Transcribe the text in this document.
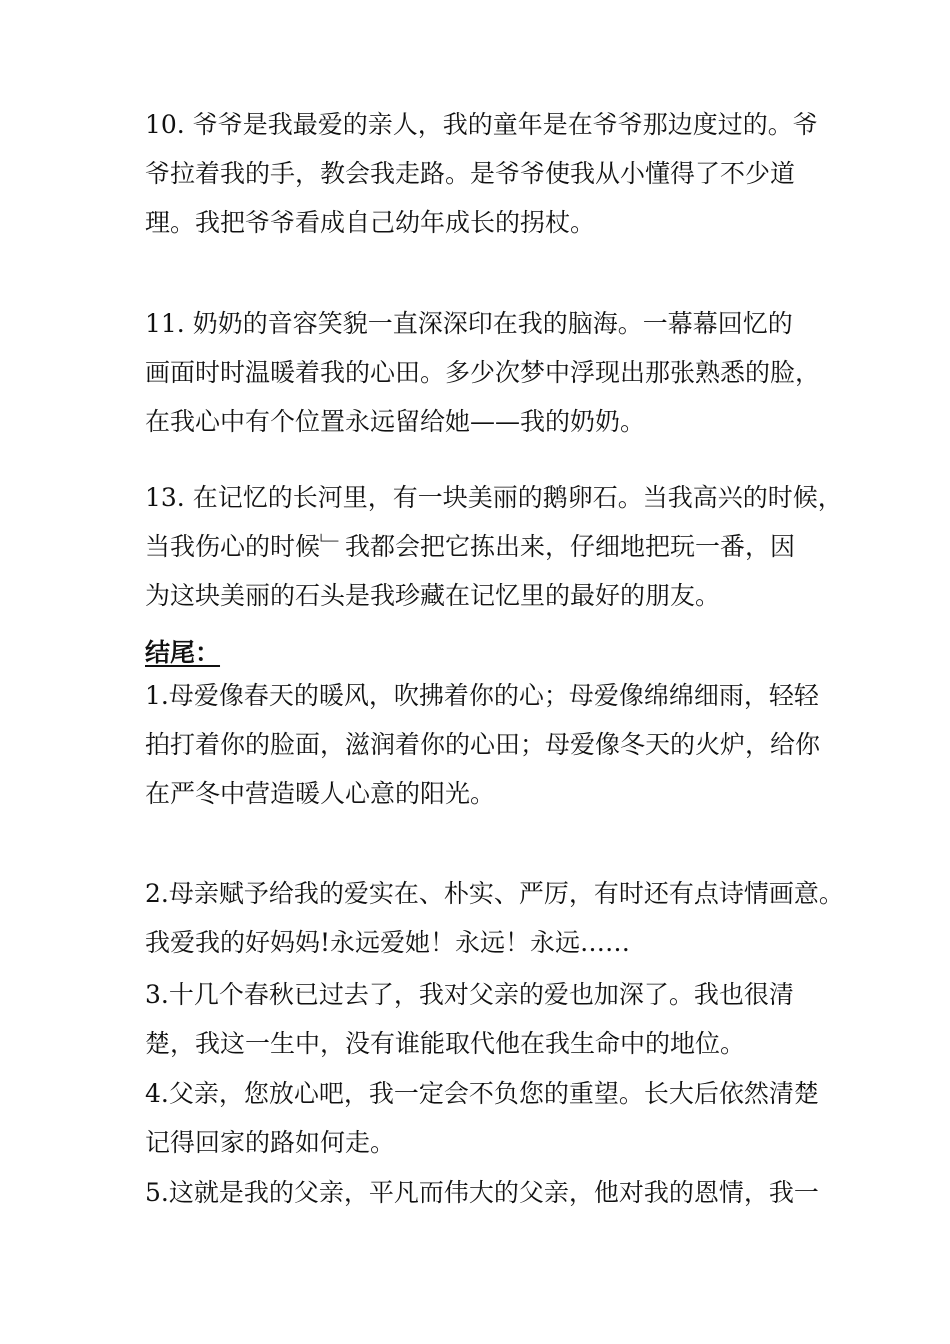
10. 爷爷是我最爱的亲人，我的童年是在爷爷那边度过的。爷
爷拉着我的手，教会我走路。是爷爷使我从小懂得了不少道
理。我把爷爷看成自己幼年成长的拐杖。
11. 奶奶的音容笑貌一直深深印在我的脑海。一幕幕回忆的
画面时时温暖着我的心田。多少次梦中浮现出那张熟悉的脸，
在我心中有个位置永远留给她——我的奶奶。
13. 在记忆的长河里，有一块美丽的鹅卵石。当我高兴的时候，
当我伤心的时候﹂我都会把它拣出来，仔细地把玩一番，因
为这块美丽的石头是我珍藏在记忆里的最好的朋友。
结尾：
1.母爱像春天的暖风，吹拂着你的心；母爱像绵绵细雨，轻轻
拍打着你的脸面，滋润着你的心田；母爱像冬天的火炉，给你
在严冬中营造暖人心意的阳光。
2.母亲赋予给我的爱实在、朴实、严厉，有时还有点诗情画意。
我爱我的好妈妈!永远爱她！永远！永远……
3.十几个春秋已过去了，我对父亲的爱也加深了。我也很清
楚，我这一生中，没有谁能取代他在我生命中的地位。
4.父亲，您放心吧，我一定会不负您的重望。长大后依然清楚
记得回家的路如何走。
5.这就是我的父亲，平凡而伟大的父亲，他对我的恩情，我一
